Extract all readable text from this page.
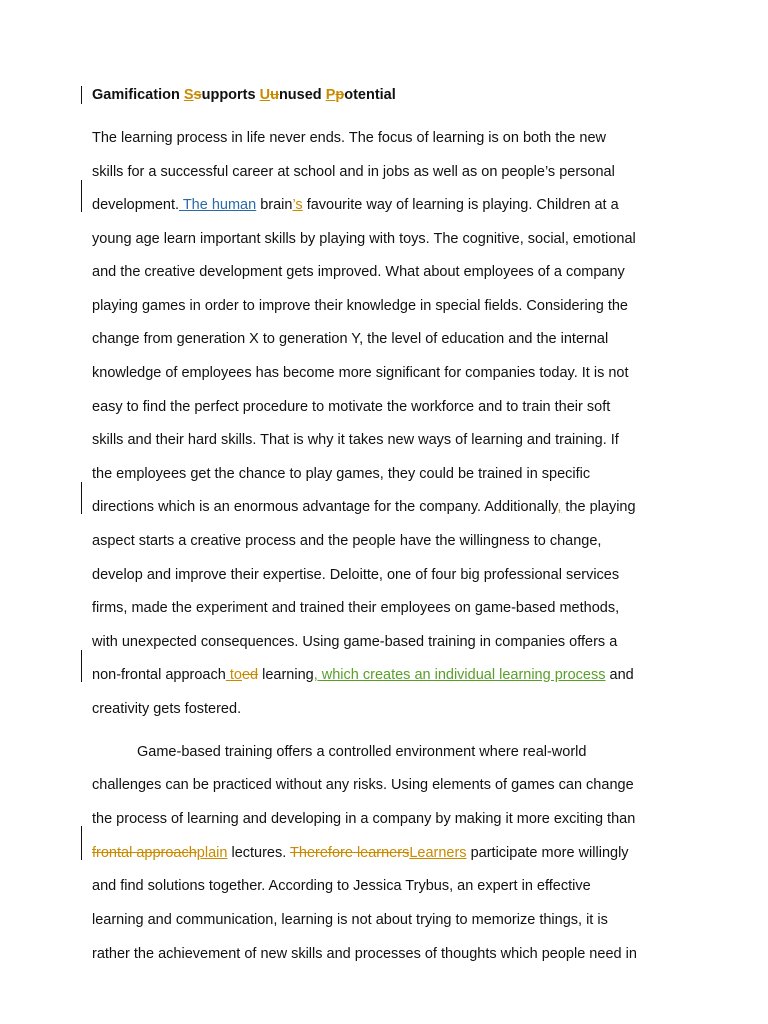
Gamification Ssupports Uunused Ppotential
The learning process in life never ends. The focus of learning is on both the new
skills for a successful career at school and in jobs as well as on people’s personal
development. The human brain’s favourite way of learning is playing. Children at a
young age learn important skills by playing with toys. The cognitive, social, emotional
and the creative development gets improved. What about employees of a company
playing games in order to improve their knowledge in special fields. Considering the
change from generation X to generation Y, the level of education and the internal
knowledge of employees has become more significant for companies today. It is not
easy to find the perfect procedure to motivate the workforce and to train their soft
skills and their hard skills. That is why it takes new ways of learning and training. If
the employees get the chance to play games, they could be trained in specific
directions which is an enormous advantage for the company. Additionally, the playing
aspect starts a creative process and the people have the willingness to change,
develop and improve their expertise. Deloitte, one of four big professional services
firms, made the experiment and trained their employees on game-based methods,
with unexpected consequences. Using game-based training in companies offers a
non-frontal approach toed learning, which creates an individual learning process and
creativity gets fostered.
Game-based training offers a controlled environment where real-world
challenges can be practiced without any risks. Using elements of games can change
the process of learning and developing in a company by making it more exciting than
frontal approachplain lectures. Therefore learnersLearners participate more willingly
and find solutions together. According to Jessica Trybus, an expert in effective
learning and communication, learning is not about trying to memorize things, it is
rather the achievement of new skills and processes of thoughts which people need in
